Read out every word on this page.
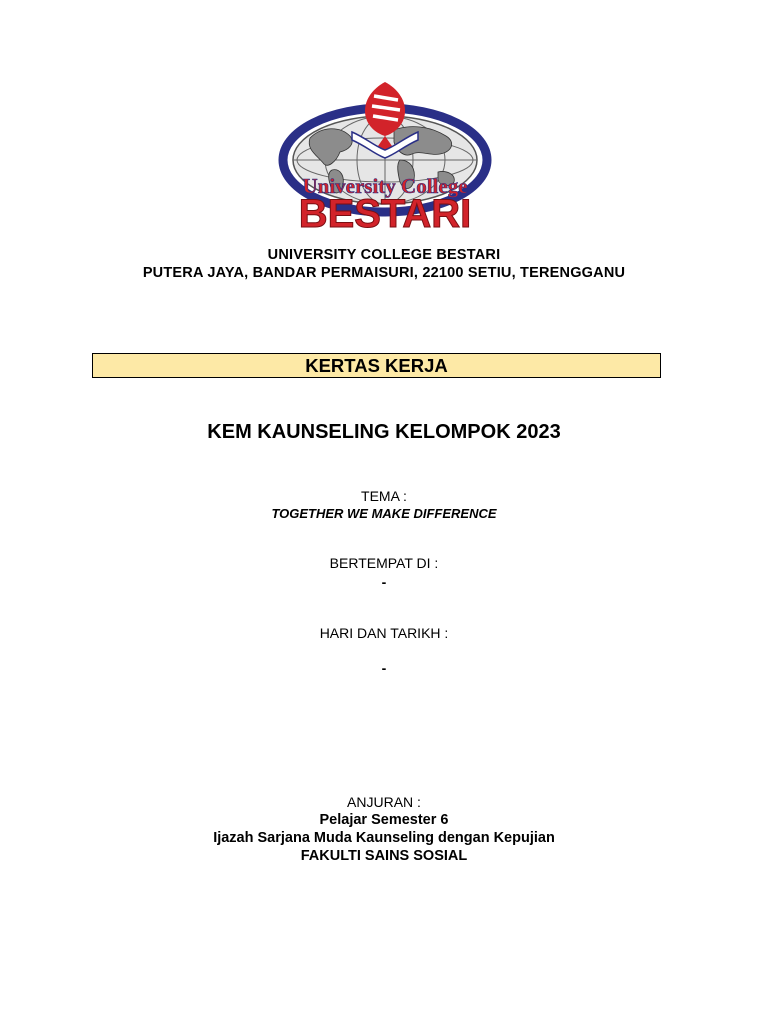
University College
BESTARI
UNIVERSITY COLLEGE BESTARI
PUTERA JAYA, BANDAR PERMAISURI, 22100 SETIU, TERENGGANU
KERTAS KERJA
KEM KAUNSELING KELOMPOK 2023
TEMA :
TOGETHER WE MAKE DIFFERENCE
BERTEMPAT DI :
-
HARI DAN TARIKH :
-
ANJURAN :
Pelajar Semester 6
Ijazah Sarjana Muda Kaunseling dengan Kepujian
FAKULTI SAINS SOSIAL
